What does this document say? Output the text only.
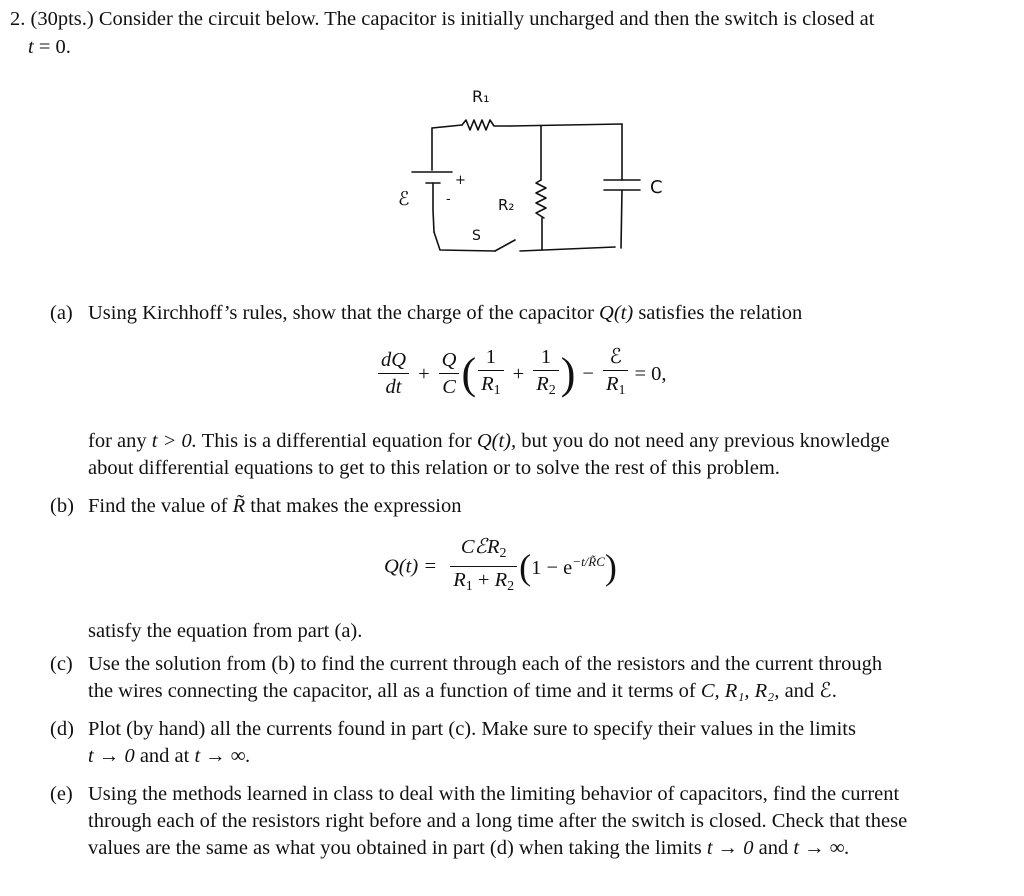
2. (30pts.) Consider the circuit below. The capacitor is initially uncharged and then the switch is closed at
t = 0.
ℰ
R₁
R₂
C
S
+
-
(a) Using Kirchhoff’s rules, show that the charge of the capacitor Q(t) satisfies the relation
$\frac{dQ}{dt} + \frac{Q}{C}$ ( $\frac{1}{R_1} + \frac{1}{R_2}$ ) − $\frac{\text{ℰ}}{R_1} = 0$,
for any t > 0. This is a differential equation for Q(t), but you do not need any previous knowledge
about differential equations to get to this relation or to solve the rest of this problem.
(b) Find the value of R̃ that makes the expression
$Q(t) = \frac{CℰR_2}{R_1 + R_2} (1 - e^{-t/R̃C})$
satisfy the equation from part (a).
(c) Use the solution from (b) to find the current through each of the resistors and the current through
the wires connecting the capacitor, all as a function of time and it terms of C, R₁, R₂, and ℰ.
(d) Plot (by hand) all the currents found in part (c). Make sure to specify their values in the limits
t → 0 and at t → ∞.
(e) Using the methods learned in class to deal with the limiting behavior of capacitors, find the current
through each of the resistors right before and a long time after the switch is closed. Check that these
values are the same as what you obtained in part (d) when taking the limits t → 0 and t → ∞.
